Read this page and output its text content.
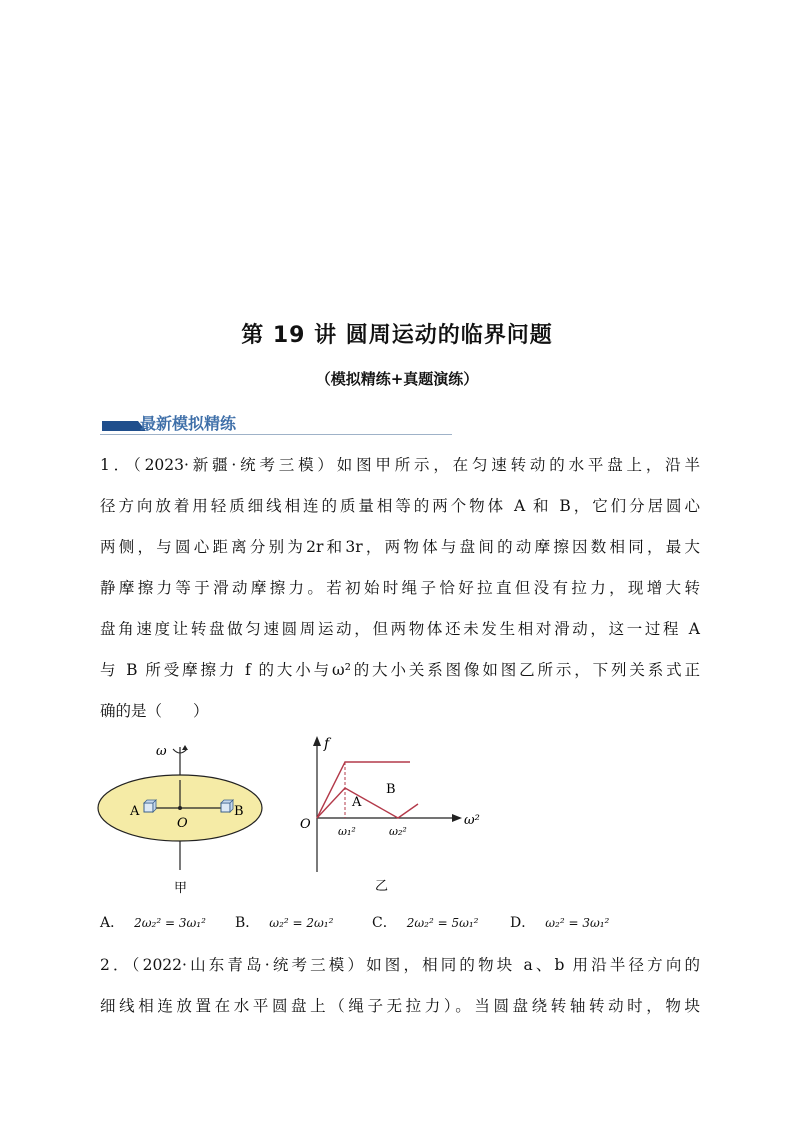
第 19 讲 圆周运动的临界问题
（模拟精练+真题演练）
最新模拟精练
1．（2023·新疆·统考三模）如图甲所示，在匀速转动的水平盘上，沿半
径方向放着用轻质细线相连的质量相等的两个物体 A 和 B，它们分居圆心
两侧，与圆心距离分别为2r和3r，两物体与盘间的动摩擦因数相同，最大
静摩擦力等于滑动摩擦力。若初始时绳子恰好拉直但没有拉力，现增大转
盘角速度让转盘做匀速圆周运动，但两物体还未发生相对滑动，这一过程 A
与 B 所受摩擦力 f 的大小与ω²的大小关系图像如图乙所示，下列关系式正
确的是（　　）
ω
A	B
O
甲
f
O	ω²
B
A
ω₁²	ω₂²
乙
A． 2ω₂² = 3ω₁² B． ω₂² = 2ω₁²	C． 2ω₂² = 5ω₁² D． ω₂² = 3ω₁²
2．（2022·山东青岛·统考三模）如图，相同的物块 a、b 用沿半径方向的
细线相连放置在水平圆盘上（绳子无拉力）。当圆盘绕转轴转动时，物块
